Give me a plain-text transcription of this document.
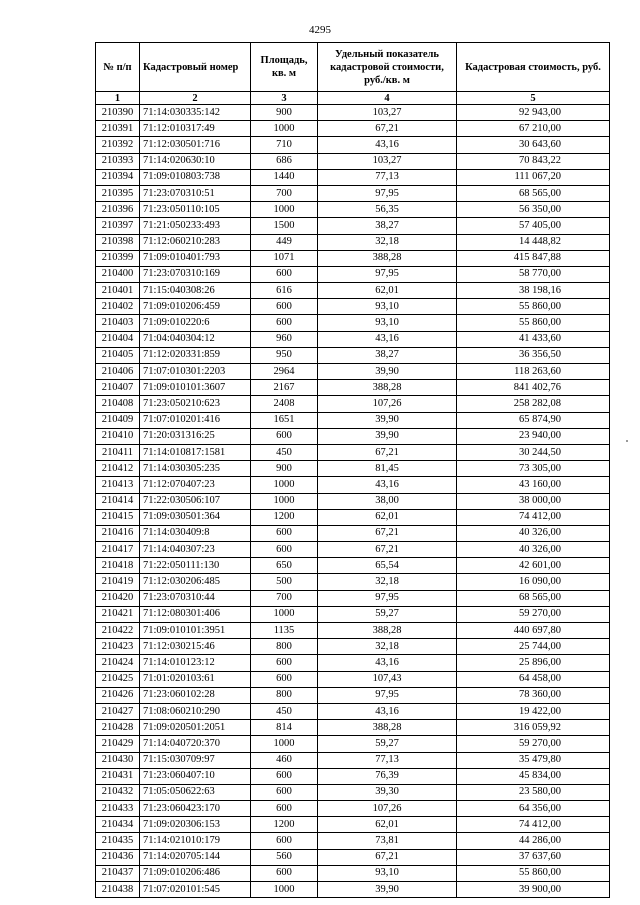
4295
№ п/п	Кадастровый номер	Площадь, кв. м	Удельный показатель кадастровой стоимости, руб./кв. м	Кадастровая стоимость, руб.
1	2	3	4	5
210390	71:14:030335:142	900	103,27	92 943,00
210391	71:12:010317:49	1000	67,21	67 210,00
210392	71:12:030501:716	710	43,16	30 643,60
210393	71:14:020630:10	686	103,27	70 843,22
210394	71:09:010803:738	1440	77,13	111 067,20
210395	71:23:070310:51	700	97,95	68 565,00
210396	71:23:050110:105	1000	56,35	56 350,00
210397	71:21:050233:493	1500	38,27	57 405,00
210398	71:12:060210:283	449	32,18	14 448,82
210399	71:09:010401:793	1071	388,28	415 847,88
210400	71:23:070310:169	600	97,95	58 770,00
210401	71:15:040308:26	616	62,01	38 198,16
210402	71:09:010206:459	600	93,10	55 860,00
210403	71:09:010220:6	600	93,10	55 860,00
210404	71:04:040304:12	960	43,16	41 433,60
210405	71:12:020331:859	950	38,27	36 356,50
210406	71:07:010301:2203	2964	39,90	118 263,60
210407	71:09:010101:3607	2167	388,28	841 402,76
210408	71:23:050210:623	2408	107,26	258 282,08
210409	71:07:010201:416	1651	39,90	65 874,90
210410	71:20:031316:25	600	39,90	23 940,00
210411	71:14:010817:1581	450	67,21	30 244,50
210412	71:14:030305:235	900	81,45	73 305,00
210413	71:12:070407:23	1000	43,16	43 160,00
210414	71:22:030506:107	1000	38,00	38 000,00
210415	71:09:030501:364	1200	62,01	74 412,00
210416	71:14:030409:8	600	67,21	40 326,00
210417	71:14:040307:23	600	67,21	40 326,00
210418	71:22:050111:130	650	65,54	42 601,00
210419	71:12:030206:485	500	32,18	16 090,00
210420	71:23:070310:44	700	97,95	68 565,00
210421	71:12:080301:406	1000	59,27	59 270,00
210422	71:09:010101:3951	1135	388,28	440 697,80
210423	71:12:030215:46	800	32,18	25 744,00
210424	71:14:010123:12	600	43,16	25 896,00
210425	71:01:020103:61	600	107,43	64 458,00
210426	71:23:060102:28	800	97,95	78 360,00
210427	71:08:060210:290	450	43,16	19 422,00
210428	71:09:020501:2051	814	388,28	316 059,92
210429	71:14:040720:370	1000	59,27	59 270,00
210430	71:15:030709:97	460	77,13	35 479,80
210431	71:23:060407:10	600	76,39	45 834,00
210432	71:05:050622:63	600	39,30	23 580,00
210433	71:23:060423:170	600	107,26	64 356,00
210434	71:09:020306:153	1200	62,01	74 412,00
210435	71:14:021010:179	600	73,81	44 286,00
210436	71:14:020705:144	560	67,21	37 637,60
210437	71:09:010206:486	600	93,10	55 860,00
210438	71:07:020101:545	1000	39,90	39 900,00
